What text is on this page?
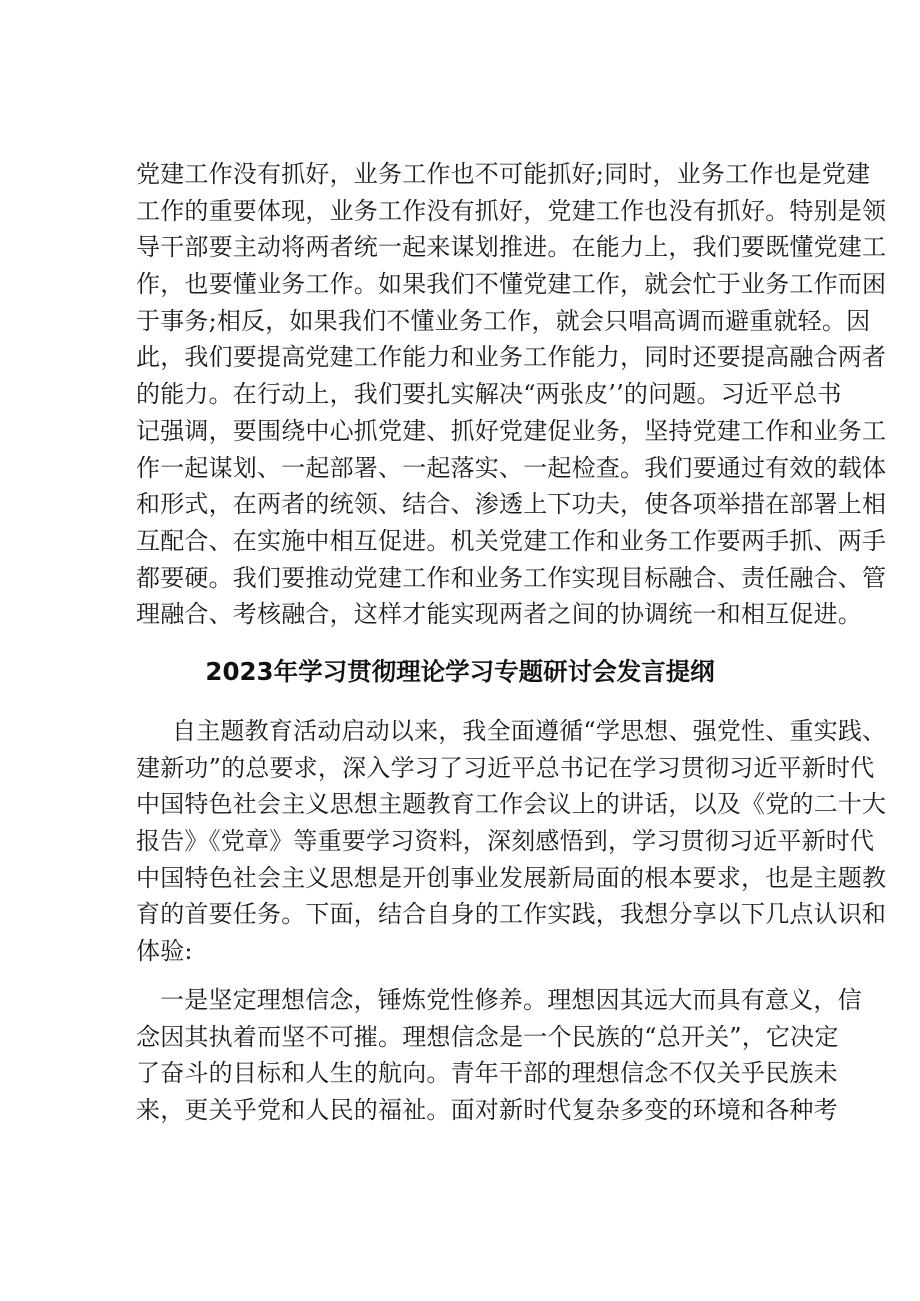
党建工作没有抓好，业务工作也不可能抓好;同时，业务工作也是党建
工作的重要体现，业务工作没有抓好，党建工作也没有抓好。特别是领
导干部要主动将两者统一起来谋划推进。在能力上，我们要既懂党建工
作，也要懂业务工作。如果我们不懂党建工作，就会忙于业务工作而困
于事务;相反，如果我们不懂业务工作，就会只唱高调而避重就轻。因
此，我们要提高党建工作能力和业务工作能力，同时还要提高融合两者
的能力。在行动上，我们要扎实解决“两张皮’’的问题。习近平总书
记强调，要围绕中心抓党建、抓好党建促业务，坚持党建工作和业务工
作一起谋划、一起部署、一起落实、一起检查。我们要通过有效的载体
和形式，在两者的统领、结合、渗透上下功夫，使各项举措在部署上相
互配合、在实施中相互促进。机关党建工作和业务工作要两手抓、两手
都要硬。我们要推动党建工作和业务工作实现目标融合、责任融合、管
理融合、考核融合，这样才能实现两者之间的协调统一和相互促进。
2023年学习贯彻理论学习专题研讨会发言提纲
自主题教育活动启动以来，我全面遵循“学思想、强党性、重实践、
建新功”的总要求，深入学习了习近平总书记在学习贯彻习近平新时代
中国特色社会主义思想主题教育工作会议上的讲话，以及《党的二十大
报告》《党章》等重要学习资料，深刻感悟到，学习贯彻习近平新时代
中国特色社会主义思想是开创事业发展新局面的根本要求，也是主题教
育的首要任务。下面，结合自身的工作实践，我想分享以下几点认识和
体验:
一是坚定理想信念，锤炼党性修养。理想因其远大而具有意义，信
念因其执着而坚不可摧。理想信念是一个民族的“总开关”，它决定
了奋斗的目标和人生的航向。青年干部的理想信念不仅关乎民族未
来，更关乎党和人民的福祉。面对新时代复杂多变的环境和各种考
